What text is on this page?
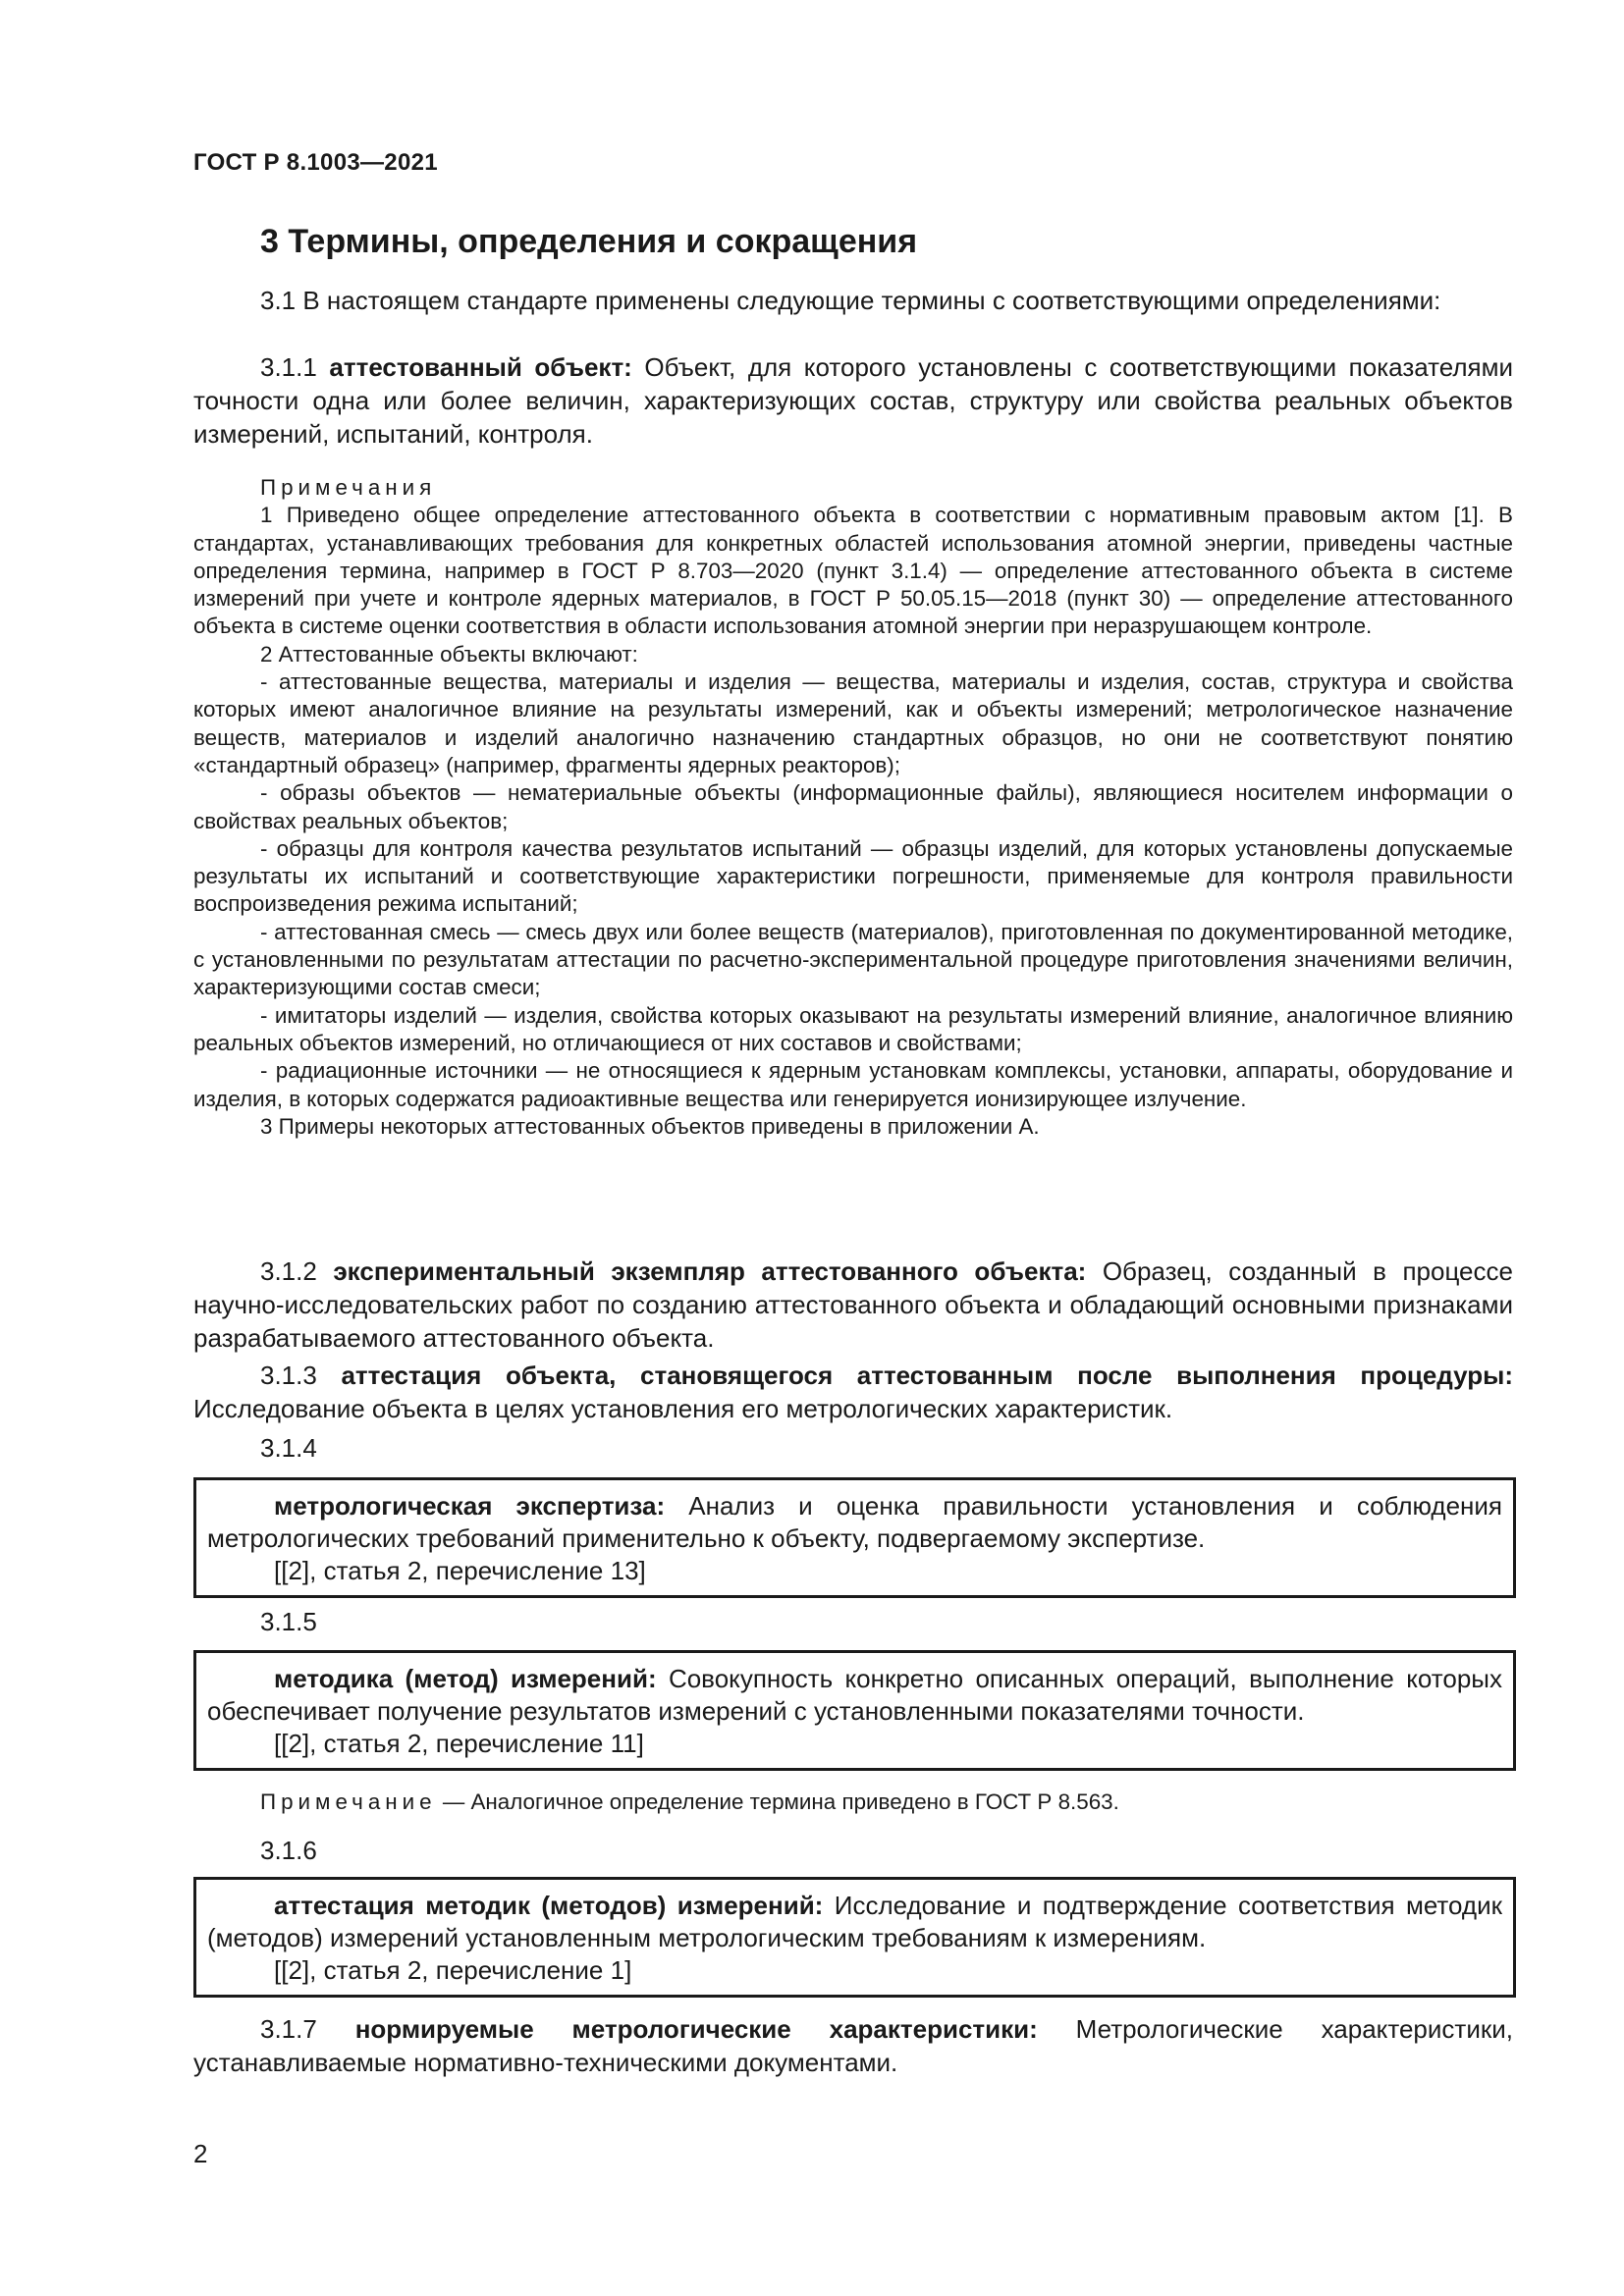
ГОСТ Р 8.1003—2021
3 Термины, определения и сокращения

3.1 В настоящем стандарте применены следующие термины с соответствующими определениями:

3.1.1 аттестованный объект: Объект, для которого установлены с соответствующими показателями точности одна или более величин, характеризующих состав, структуру или свойства реальных объектов измерений, испытаний, контроля.

Примечания

1 Приведено общее определение аттестованного объекта в соответствии с нормативным правовым актом [1]. В стандартах, устанавливающих требования для конкретных областей использования атомной энергии, приведены частные определения термина, например в ГОСТ Р 8.703—2020 (пункт 3.1.4) — определение аттестованного объекта в системе измерений при учете и контроле ядерных материалов, в ГОСТ Р 50.05.15—2018 (пункт 30) — определение аттестованного объекта в системе оценки соответствия в области использования атомной энергии при неразрушающем контроле.

2 Аттестованные объекты включают:

- аттестованные вещества, материалы и изделия — вещества, материалы и изделия, состав, структура и свойства которых имеют аналогичное влияние на результаты измерений, как и объекты измерений; метрологическое назначение веществ, материалов и изделий аналогично назначению стандартных образцов, но они не соответствуют понятию «стандартный образец» (например, фрагменты ядерных реакторов);

- образы объектов — нематериальные объекты (информационные файлы), являющиеся носителем информации о свойствах реальных объектов;

- образцы для контроля качества результатов испытаний — образцы изделий, для которых установлены допускаемые результаты их испытаний и соответствующие характеристики погрешности, применяемые для контроля правильности воспроизведения режима испытаний;

- аттестованная смесь — смесь двух или более веществ (материалов), приготовленная по документированной методике, с установленными по результатам аттестации по расчетно-экспериментальной процедуре приготовления значениями величин, характеризующими состав смеси;

- имитаторы изделий — изделия, свойства которых оказывают на результаты измерений влияние, аналогичное влиянию реальных объектов измерений, но отличающиеся от них составов и свойствами;

- радиационные источники — не относящиеся к ядерным установкам комплексы, установки, аппараты, оборудование и изделия, в которых содержатся радиоактивные вещества или генерируется ионизирующее излучение.

3 Примеры некоторых аттестованных объектов приведены в приложении А.

3.1.2 экспериментальный экземпляр аттестованного объекта: Образец, созданный в процессе научно-исследовательских работ по созданию аттестованного объекта и обладающий основными признаками разрабатываемого аттестованного объекта.

3.1.3 аттестация объекта, становящегося аттестованным после выполнения процедуры: Исследование объекта в целях установления его метрологических характеристик.

3.1.4

метрологическая экспертиза: Анализ и оценка правильности установления и соблюдения метрологических требований применительно к объекту, подвергаемому экспертизе.

[[2], статья 2, перечисление 13]

3.1.5

методика (метод) измерений: Совокупность конкретно описанных операций, выполнение которых обеспечивает получение результатов измерений с установленными показателями точности.

[[2], статья 2, перечисление 11]

Примечание — Аналогичное определение термина приведено в ГОСТ Р 8.563.

3.1.6

аттестация методик (методов) измерений: Исследование и подтверждение соответствия методик (методов) измерений установленным метрологическим требованиям к измерениям.

[[2], статья 2, перечисление 1]

3.1.7 нормируемые метрологические характеристики: Метрологические характеристики, устанавливаемые нормативно-техническими документами.

2
